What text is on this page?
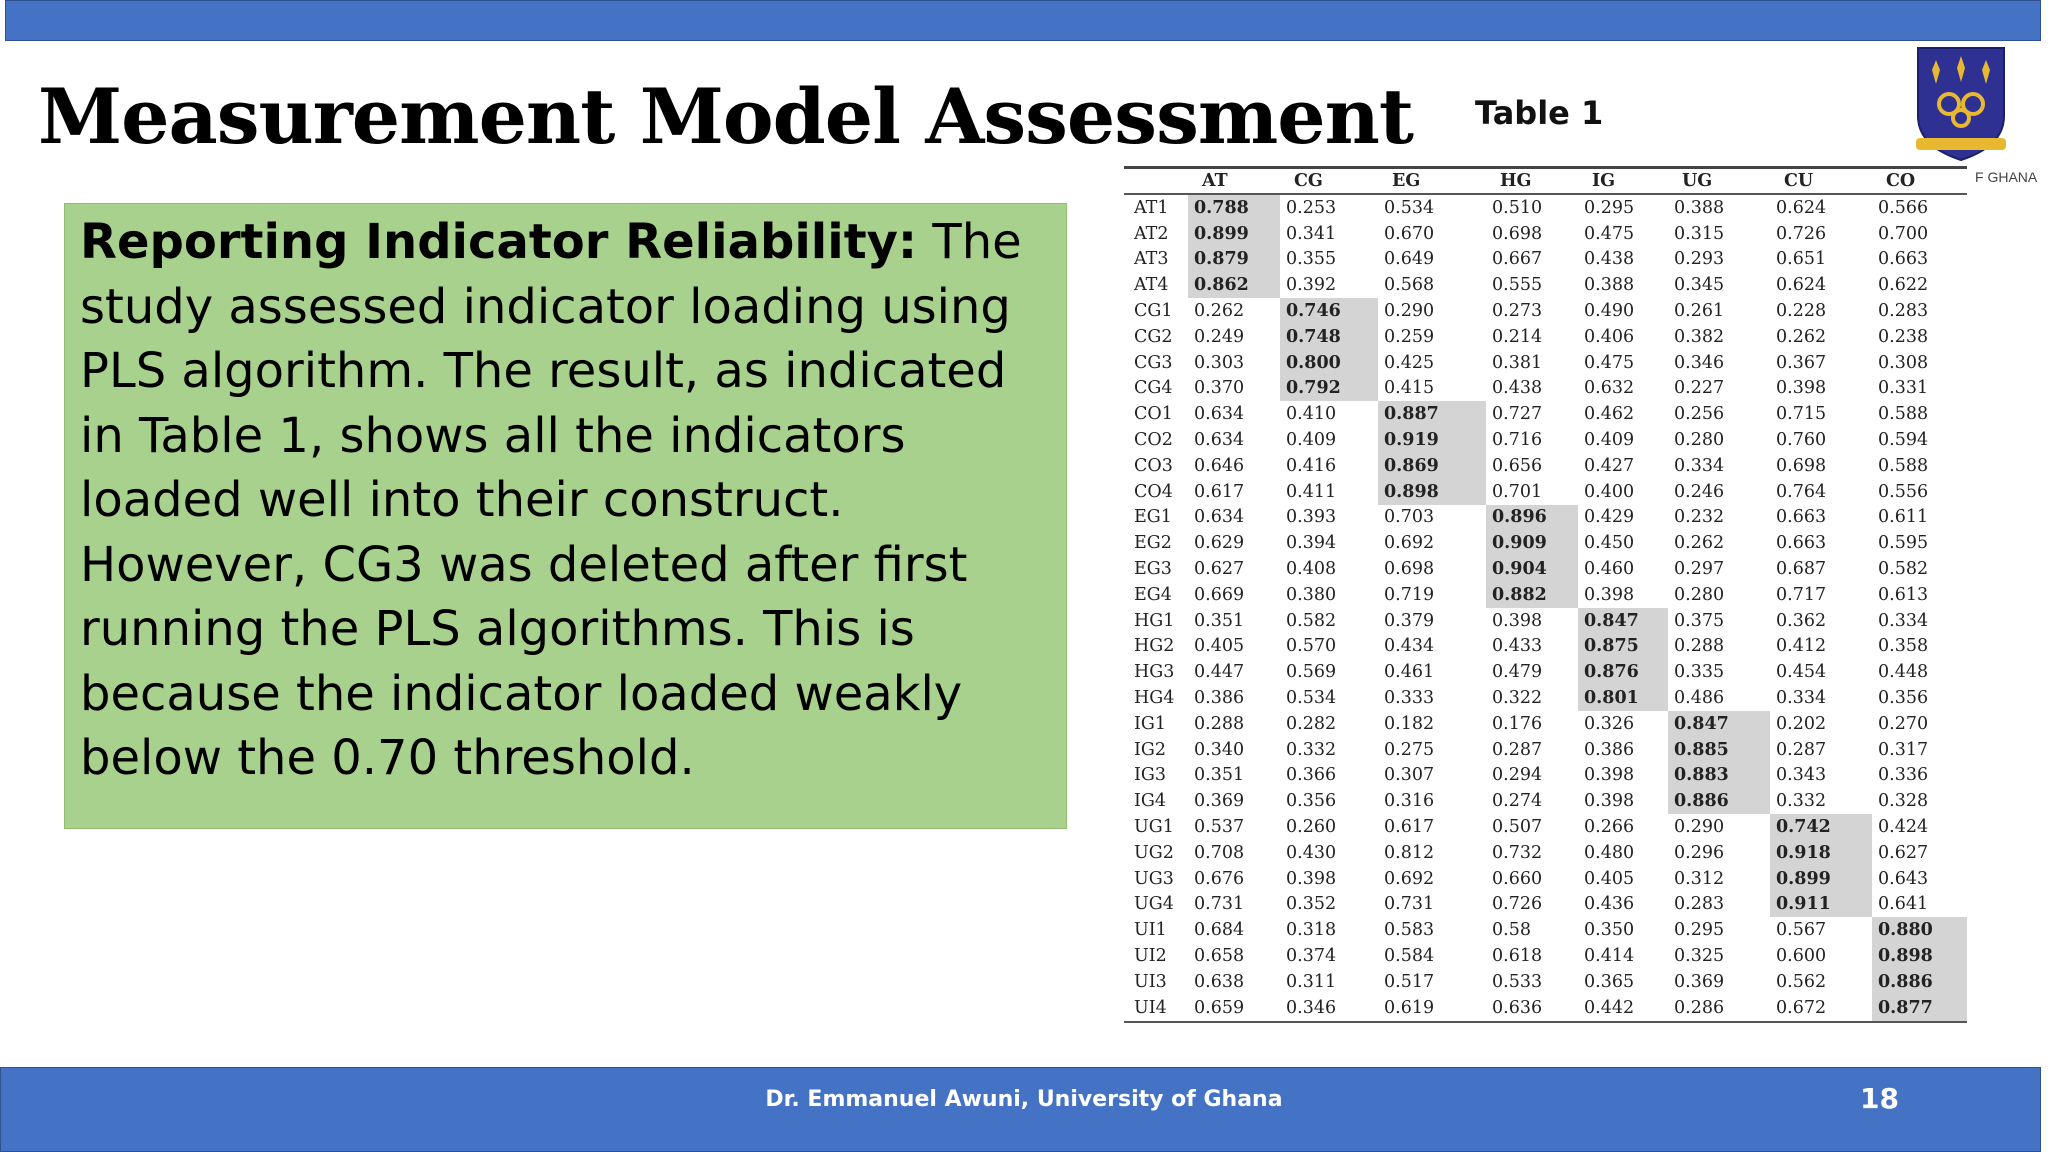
Measurement Model Assessment Table 1
F GHANA
Reporting Indicator Reliability: The study assessed indicator loading using PLS algorithm. The result, as indicated in Table 1, shows all the indicators loaded well into their construct. However, CG3 was deleted after first running the PLS algorithms. This is because the indicator loaded weakly below the 0.70 threshold.
	AT	CG	EG	HG	IG	UG	CU	CO
AT1	0.788	0.253	0.534	0.510	0.295	0.388	0.624	0.566
AT2	0.899	0.341	0.670	0.698	0.475	0.315	0.726	0.700
AT3	0.879	0.355	0.649	0.667	0.438	0.293	0.651	0.663
AT4	0.862	0.392	0.568	0.555	0.388	0.345	0.624	0.622
CG1	0.262	0.746	0.290	0.273	0.490	0.261	0.228	0.283
CG2	0.249	0.748	0.259	0.214	0.406	0.382	0.262	0.238
CG3	0.303	0.800	0.425	0.381	0.475	0.346	0.367	0.308
CG4	0.370	0.792	0.415	0.438	0.632	0.227	0.398	0.331
CO1	0.634	0.410	0.887	0.727	0.462	0.256	0.715	0.588
CO2	0.634	0.409	0.919	0.716	0.409	0.280	0.760	0.594
CO3	0.646	0.416	0.869	0.656	0.427	0.334	0.698	0.588
CO4	0.617	0.411	0.898	0.701	0.400	0.246	0.764	0.556
EG1	0.634	0.393	0.703	0.896	0.429	0.232	0.663	0.611
EG2	0.629	0.394	0.692	0.909	0.450	0.262	0.663	0.595
EG3	0.627	0.408	0.698	0.904	0.460	0.297	0.687	0.582
EG4	0.669	0.380	0.719	0.882	0.398	0.280	0.717	0.613
HG1	0.351	0.582	0.379	0.398	0.847	0.375	0.362	0.334
HG2	0.405	0.570	0.434	0.433	0.875	0.288	0.412	0.358
HG3	0.447	0.569	0.461	0.479	0.876	0.335	0.454	0.448
HG4	0.386	0.534	0.333	0.322	0.801	0.486	0.334	0.356
IG1	0.288	0.282	0.182	0.176	0.326	0.847	0.202	0.270
IG2	0.340	0.332	0.275	0.287	0.386	0.885	0.287	0.317
IG3	0.351	0.366	0.307	0.294	0.398	0.883	0.343	0.336
IG4	0.369	0.356	0.316	0.274	0.398	0.886	0.332	0.328
UG1	0.537	0.260	0.617	0.507	0.266	0.290	0.742	0.424
UG2	0.708	0.430	0.812	0.732	0.480	0.296	0.918	0.627
UG3	0.676	0.398	0.692	0.660	0.405	0.312	0.899	0.643
UG4	0.731	0.352	0.731	0.726	0.436	0.283	0.911	0.641
UI1	0.684	0.318	0.583	0.58	0.350	0.295	0.567	0.880
UI2	0.658	0.374	0.584	0.618	0.414	0.325	0.600	0.898
UI3	0.638	0.311	0.517	0.533	0.365	0.369	0.562	0.886
UI4	0.659	0.346	0.619	0.636	0.442	0.286	0.672	0.877
Dr. Emmanuel Awuni, University of Ghana	18
